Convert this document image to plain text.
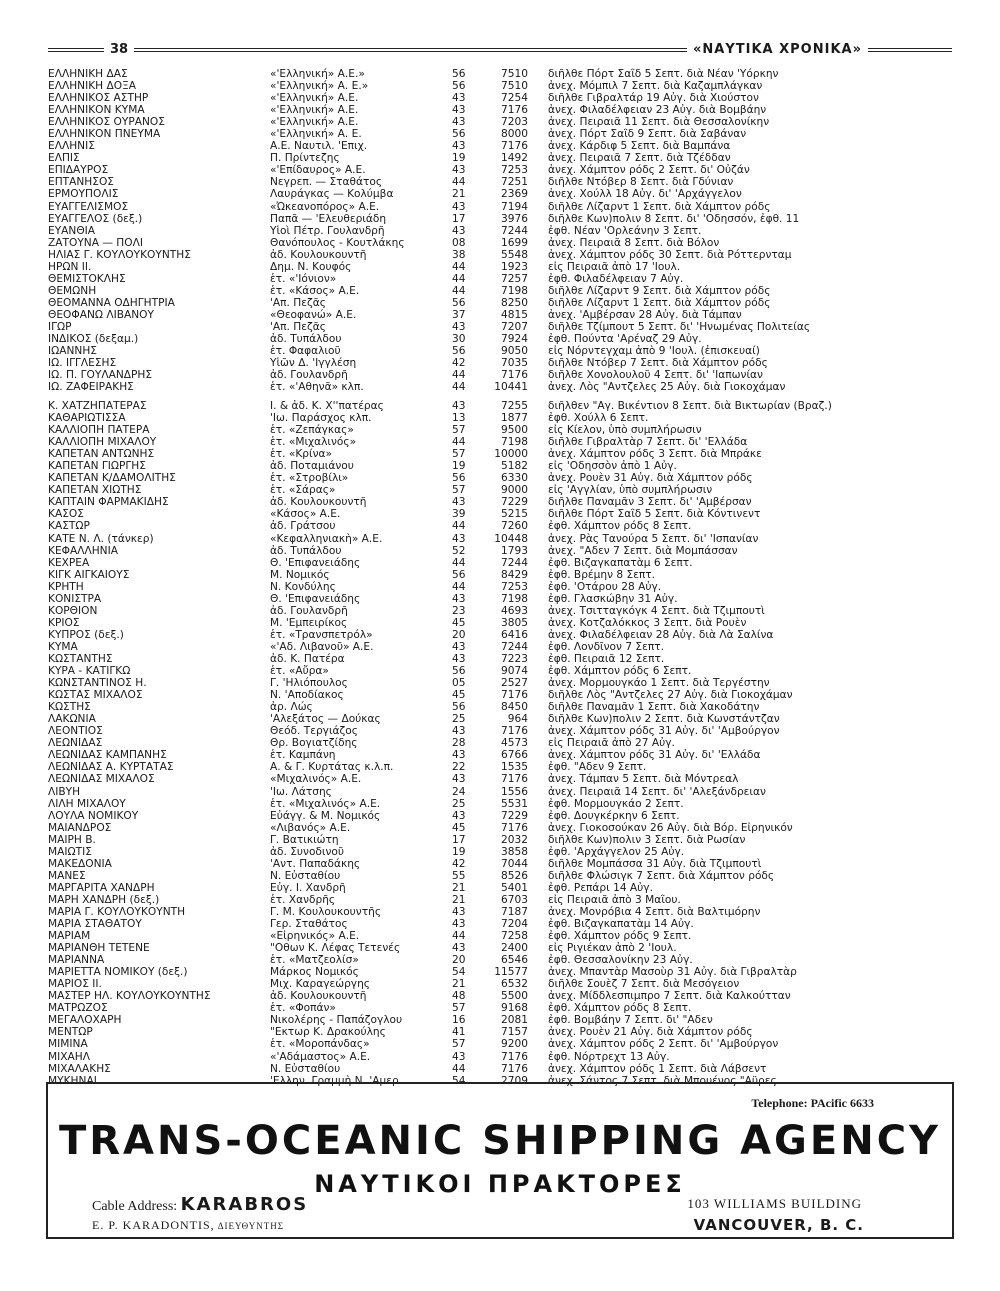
38	«ΝΑΥΤΙΚΑ ΧΡΟΝΙΚΑ»
ΕΛΛΗΝΙΚΗ ΔΑΣ	«'Ελληνική» Α.Ε.»	56	7510	διῆλθε Πόρτ Σαΐδ 5 Σεπτ. διὰ Νέαν 'Υόρκην
ΕΛΛΗΝΙΚΗ ΔΟΞΑ	«'Ελληνική» Α. Ε.»	56	7510	ἀνεχ. Μόμπιλ 7 Σεπτ. διὰ Καζαμπλάγκαν
ΕΛΛΗΝΙΚΟΣ ΑΣΤΗΡ	«'Ελληνική» Α.Ε.	43	7254	διῆλθε Γιβραλτάρ 19 Αὐγ. διὰ Χιούστον
ΕΛΛΗΝΙΚΟΝ ΚΥΜΑ	«'Ελληνική» Α.Ε.	43	7176	ἀνεχ. Φιλαδέλφειαν 23 Αὐγ. διὰ Βομβάην
ΕΛΛΗΝΙΚΟΣ ΟΥΡΑΝΟΣ	«'Ελληνική» Α.Ε.	43	7203	ἀνεχ. Πειραιᾶ 11 Σεπτ. διὰ Θεσσαλονίκην
ΕΛΛΗΝΙΚΟΝ ΠΝΕΥΜΑ	«'Ελληνική» Α. Ε.	56	8000	ἀνεχ. Πόρτ Σαΐδ 9 Σεπτ. διὰ Σαβάναν
ΕΛΛΗΝΙΣ	Α.Ε. Ναυτιλ. 'Επιχ.	43	7176	ἀνεχ. Κάρδιφ 5 Σεπτ. διὰ Βαμπάνα
ΕΛΠΙΣ	Π. Πρίντεζης	19	1492	ἀνεχ. Πειραιᾶ 7 Σεπτ. διὰ Τζέδδαν
ΕΠΙΔΑΥΡΟΣ	«'Επίδαυρος» Α.Ε.	43	7253	ἀνεχ. Χάμπτον ρόδς 2 Σεπτ. δι' Οὐζάν
ΕΠΤΑΝΗΣΟΣ	Νεγρεπ. — Σταθάτος	44	7251	διῆλθε Ντόβερ 8 Σεπτ. διὰ Γδύνιαν
ΕΡΜΟΥΠΟΛΙΣ	Λαυράγκας — Κολύμβα	21	2369	ἀνεχ. Χούλλ 18 Αὐγ. δι' 'Αρχάγγελον
ΕΥΑΓΓΕΛΙΣΜΟΣ	«Ὠκεανοπόρος» Α.Ε.	43	7194	διῆλθε Λίζαρντ 1 Σεπτ. διὰ Χάμπτον ρόδς
ΕΥΑΓΓΕΛΟΣ (δεξ.)	Παπᾶ — 'Ελευθεριάδη	17	3976	διῆλθε Κων)πολιν 8 Σεπτ. δι' 'Οδησσόν, ἐφθ. 11
ΕΥΑΝΘΙΑ	Υἱοὶ Πέτρ. Γουλανδρῆ	43	7244	ἐφθ. Νέαν 'Ορλεάνην 3 Σεπτ.
ΖΑΤΟΥΝΑ — ΠΟΛΙ	Θανόπουλος - Κουτλάκης	08	1699	ἀνεχ. Πειραιᾶ 8 Σεπτ. διὰ Βόλον
ΗΛΙΑΣ Γ. ΚΟΥΛΟΥΚΟΥΝΤΗΣ	ἀδ. Κουλουκουντῆ	38	5548	ἀνεχ. Χάμπτον ρόδς 30 Σεπτ. διὰ Ρόττερνταμ
ΗΡΩΝ ΙΙ.	Δημ. Ν. Κουφός	44	1923	εἰς Πειραιᾶ ἀπὸ 17 'Ιουλ.
ΘΕΜΙΣΤΟΚΛΗΣ	ἑτ. «'Ιόνιον»	44	7257	ἐφθ. Φιλαδέλφειαν 7 Αὐγ.
ΘΕΜΩΝΗ	ἑτ. «Κάσος» Α.Ε.	44	7198	διῆλθε Λίζαρντ 9 Σεπτ. διὰ Χάμπτον ρόδς
ΘΕΟΜΑΝΝΑ ΟΔΗΓΗΤΡΙΑ	'Απ. Πεζᾶς	56	8250	διῆλθε Λίζαρντ 1 Σεπτ. διὰ Χάμπτον ρόδς
ΘΕΟΦΑΝΩ ΛΙΒΑΝΟΥ	«Θεοφανώ» Α.Ε.	37	4815	ἀνεχ. 'Αμβέρσαν 28 Αὐγ. διὰ Τάμπαν
ΙΓΩΡ	'Απ. Πεζᾶς	43	7207	διῆλθε Τζίμπουτ 5 Σεπτ. δι' 'Ηνωμένας Πολιτείας
ΙΝΔΙΚΟΣ (δεξαμ.)	ἀδ. Τυπάλδου	30	7924	ἐφθ. Πούντα 'Αρέναζ 29 Αὐγ.
ΙΩΑΝΝΗΣ	ἑτ. Φαφαλιοῦ	56	9050	εἰς Νόρντεγχαμ ἀπὸ 9 'Ιουλ. (ἐπισκευαί)
ΙΩ. ΙΓΓΛΕΣΗΣ	Υἱῶν Δ. 'Ιγγλέση	42	7035	διῆλθε Ντόβερ 7 Σεπτ. διὰ Χάμπτον ρόδς
ΙΩ. Π. ΓΟΥΛΑΝΔΡΗΣ	ἀδ. Γουλανδρῆ	44	7176	διῆλθε Χονολουλοῦ 4 Σεπτ. δι' 'Ιαπωνίαν
ΙΩ. ΖΑΦΕΙΡΑΚΗΣ	ἑτ. «'Αθηνᾶ» κλπ.	44	10441	ἀνεχ. Λὸς "Αντζελες 25 Αὐγ. διὰ Γιοκοχάμαν
Κ. ΧΑΤΖΗΠΑΤΕΡΑΣ	Ι. & ἀδ. Κ. Χ''πατέρας	43	7255	διῆλθεν "Αγ. Βικέντιον 8 Σεπτ. διὰ Βικτωρίαν (Βραζ.)
ΚΑΘΑΡΙΩΤΙΣΣΑ	'Ιω. Παράσχος κλπ.	13	1877	ἐφθ. Χούλλ 6 Σεπτ.
ΚΑΛΛΙΟΠΗ ΠΑΤΕΡΑ	ἑτ. «Ζεπάγκας»	57	9500	εἰς Κίελον, ὑπὸ συμπλήρωσιν
ΚΑΛΛΙΟΠΗ ΜΙΧΑΛΟΥ	ἑτ. «Μιχαλινός»	44	7198	διῆλθε Γιβραλτὰρ 7 Σεπτ. δι' 'Ελλάδα
ΚΑΠΕΤΑΝ ΑΝΤΩΝΗΣ	ἑτ. «Κρίνα»	57	10000	ἀνεχ. Χάμπτον ρόδς 3 Σεπτ. διὰ Μπράκε
ΚΑΠΕΤΑΝ ΓΙΩΡΓΗΣ	ἀδ. Ποταμιάνου	19	5182	εἰς 'Οδησσὸν ἀπὸ 1 Αὐγ.
ΚΑΠΕΤΑΝ Κ/ΔΑΜΟΛΙΤΗΣ	ἑτ. «Στροβίλι»	56	6330	ἀνεχ. Ρουὲν 31 Αὐγ. διὰ Χάμπτον ρόδς
ΚΑΠΕΤΑΝ ΧΙΩΤΗΣ	ἑτ. «Σάρας»	57	9000	εἰς 'Αγγλίαν, ὑπὸ συμπλήρωσιν
ΚΑΠΤΑΙΝ ΦΑΡΜΑΚΙΔΗΣ	ἀδ. Κουλουκουντῆ	43	7229	διῆλθε Παναμᾶν 3 Σεπτ. δι' 'Αμβέρσαν
ΚΑΣΟΣ	«Κάσος» Α.Ε.	39	5215	διῆλθε Πόρτ Σαΐδ 5 Σεπτ. διὰ Κόντινεντ
ΚΑΣΤΩΡ	ἀδ. Γράτσου	44	7260	ἐφθ. Χάμπτον ρόδς 8 Σεπτ.
ΚΑΤΕ Ν. Λ. (τάνκερ)	«Κεφαλληνιακὴ» Α.Ε.	43	10448	ἀνεχ. Ρὰς Τανούρα 5 Σεπτ. δι' 'Ισπανίαν
ΚΕΦΑΛΛΗΝΙΑ	ἀδ. Τυπάλδου	52	1793	ἀνεχ. "Αδεν 7 Σεπτ. διὰ Μομπάσσαν
ΚΕΧΡΕΑ	Θ. 'Επιφανειάδης	44	7244	ἐφθ. Βιζαγκαπατὰμ 6 Σεπτ.
ΚΙΓΚ ΑΙΓΚΑΙΟΥΣ	Μ. Νομικός	56	8429	ἐφθ. Βρέμην 8 Σεπτ.
ΚΡΗΤΗ	Ν. Κονδύλης	44	7253	ἐφθ. 'Οτάρου 28 Αὐγ.
ΚΟΝΙΣΤΡΑ	Θ. 'Επιφανειάδης	43	7198	ἐφθ. Γλασκώβην 31 Αὐγ.
ΚΟΡΘΙΟΝ	ἀδ. Γουλανδρῆ	23	4693	ἀνεχ. Τσιτταγκόγκ 4 Σεπτ. διὰ Τζιμπουτὶ
ΚΡΙΟΣ	Μ. 'Εμπειρίκος	45	3805	ἀνεχ. Κοτζαλόκκος 3 Σεπτ. διὰ Ρουὲν
ΚΥΠΡΟΣ (δεξ.)	ἑτ. «Τρανσπετρόλ»	20	6416	ἀνεχ. Φιλαδέλφειαν 28 Αὐγ. διὰ Λὰ Σαλίνα
ΚΥΜΑ	«'Αδ. Λιβανοῦ» Α.Ε.	43	7244	ἐφθ. Λονδῖνον 7 Σεπτ.
ΚΩΣΤΑΝΤΗΣ	ἀδ. Κ. Πατέρα	43	7223	ἐφθ. Πειραιᾶ 12 Σεπτ.
ΚΥΡΑ - ΚΑΤΙΓΚΩ	ἑτ. «Αὔρα»	56	9074	ἐφθ. Χάμπτον ρόδς 6 Σεπτ.
ΚΩΝΣΤΑΝΤΙΝΟΣ Η.	Γ. 'Ηλιόπουλος	05	2527	ἀνεχ. Μορμουγκάο 1 Σεπτ. διὰ Τεργέστην
ΚΩΣΤΑΣ ΜΙΧΑΛΟΣ	Ν. 'Αποδίακος	45	7176	διῆλθε Λὸς "Αντζελες 27 Αὐγ. διὰ Γιοκοχάμαν
ΚΩΣΤΗΣ	ἀρ. Λώς	56	8450	διῆλθε Παναμᾶν 1 Σεπτ. διὰ Χακοδάτην
ΛΑΚΩΝΙΑ	'Αλεξάτος — Δούκας	25	964	διῆλθε Κων)πολιν 2 Σεπτ. διὰ Κωνστάντζαν
ΛΕΟΝΤΙΟΣ	Θεόδ. Τεργιάζος	43	7176	ἀνεχ. Χάμπτον ρόδς 31 Αὐγ. δι' 'Αμβούργον
ΛΕΩΝΙΔΑΣ	Θρ. Βογιατζίδης	28	4573	εἰς Πειραιᾶ ἀπὸ 27 Αὐγ.
ΛΕΩΝΙΔΑΣ ΚΑΜΠΑΝΗΣ	ἑτ. Καμπάνη	43	6766	ἀνεχ. Χάμπτον ρόδς 31 Αὐγ. δι' 'Ελλάδα
ΛΕΩΝΙΔΑΣ Α. ΚΥΡΤΑΤΑΣ	Α. & Γ. Κυρτάτας κ.λ.π.	22	1535	ἐφθ. "Αδεν 9 Σεπτ.
ΛΕΩΝΙΔΑΣ ΜΙΧΑΛΟΣ	«Μιχαλινός» Α.Ε.	43	7176	ἀνεχ. Τάμπαν 5 Σεπτ. διὰ Μόντρεαλ
ΛΙΒΥΗ	'Ιω. Λάτσης	24	1556	ἀνεχ. Πειραιᾶ 14 Σεπτ. δι' 'Αλεξάνδρειαν
ΛΙΛΗ ΜΙΧΑΛΟΥ	ἑτ. «Μιχαλινός» Α.Ε.	25	5531	ἐφθ. Μορμουγκάο 2 Σεπτ.
ΛΟΥΛΑ ΝΟΜΙΚΟΥ	Εὐάγγ. & Μ. Νομικός	43	7229	ἐφθ. Δουγκέρκην 6 Σεπτ.
ΜΑΙΑΝΔΡΟΣ	«Λιβανός» Α.Ε.	45	7176	ἀνεχ. Γιοκοσούκαν 26 Αὐγ. διὰ Βόρ. Εἰρηνικόν
ΜΑΙΡΗ Β.	Γ. Βατικιώτη	17	2032	διῆλθε Κων)πολιν 3 Σεπτ. διὰ Ρωσίαν
ΜΑΙΩΤΙΣ	ἀδ. Συνοδινοῦ	19	3858	ἐφθ. 'Αρχάγγελον 25 Αὐγ.
ΜΑΚΕΔΟΝΙΑ	'Αντ. Παπαδάκης	42	7044	διῆλθε Μομπάσσα 31 Αὐγ. διὰ Τζιμπουτὶ
ΜΑΝΕΣ	Ν. Εὐσταθίου	55	8526	διῆλθε Φλώσιγκ 7 Σεπτ. διὰ Χάμπτον ρόδς
ΜΑΡΓΑΡΙΤΑ ΧΑΝΔΡΗ	Εὐγ. Ι. Χανδρῆ	21	5401	ἐφθ. Ρεπάρι 14 Αὐγ.
ΜΑΡΗ ΧΑΝΔΡΗ (δεξ.)	ἑτ. Χανδρῆς	21	6703	εἰς Πειραιᾶ ἀπὸ 3 Μαΐου.
ΜΑΡΙΑ Γ. ΚΟΥΛΟΥΚΟΥΝΤΗ	Γ. Μ. Κουλουκουντῆς	43	7187	ἀνεχ. Μονρόβια 4 Σεπτ. διὰ Βαλτιμόρην
ΜΑΡΙΑ ΣΤΑΘΑΤΟΥ	Γερ. Σταθάτος	43	7204	ἐφθ. Βιζαγκαπατὰμ 14 Αὐγ.
ΜΑΡΙΑΜ	«Εἰρηνικός» Α.Ε.	44	7258	ἐφθ. Χάμπτον ρόδς 9 Σεπτ.
ΜΑΡΙΑΝΘΗ ΤΕΤΕΝΕ	"Οθων Κ. Λέφας Τετενές	43	2400	εἰς Ριγιέκαν ἀπὸ 2 'Ιουλ.
ΜΑΡΙΑΝΝΑ	ἑτ. «Ματζεολίσ»	20	6546	ἐφθ. Θεσσαλονίκην 23 Αὐγ.
ΜΑΡΙΕΤΤΑ ΝΟΜΙΚΟΥ (δεξ.)	Μάρκος Νομικός	54	11577	ἀνεχ. Μπαντὰρ Μασοὺρ 31 Αὐγ. διὰ Γιβραλτὰρ
ΜΑΡΙΟΣ ΙΙ.	Μιχ. Καραγεώργης	21	6532	διῆλθε Σουὲζ 7 Σεπτ. διὰ Μεσόγειον
ΜΑΣΤΕΡ ΗΛ. ΚΟΥΛΟΥΚΟΥΝΤΗΣ	ἀδ. Κουλουκουντῆ	48	5500	ἀνεχ. Μίδδλεσπιμπρο 7 Σεπτ. διὰ Καλκούτταν
ΜΑΤΡΩΖΟΣ	ἑτ. «Φοπάν»	57	9168	ἐφθ. Χάμπτον ρόδς 8 Σεπτ.
ΜΕΓΑΛΟΧΑΡΗ	Νικολέρης - Παπάζογλου	16	2081	ἐφθ. Βομβάην 7 Σεπτ. δι' "Αδεν
ΜΕΝΤΩΡ	"Εκτωρ Κ. Δρακούλης	41	7157	ἀνεχ. Ρουὲν 21 Αὐγ. διὰ Χάμπτον ρόδς
ΜΙΜΙΝΑ	ἑτ. «Μοροπάνδας»	57	9200	ἀνεχ. Χάμπτον ρόδς 2 Σεπτ. δι' 'Αμβούργον
ΜΙΧΑΗΛ	«'Αδάμαστος» Α.Ε.	43	7176	ἐφθ. Νόρτρεχτ 13 Αὐγ.
ΜΙΧΑΛΑΚΗΣ	Ν. Εὐσταθίου	44	7176	ἀνεχ. Χάμπτον ρόδς 1 Σεπτ. διὰ Λάβσεντ
ΜΥΚΗΝΑΙ	'Ελλην. Γραμμὴ Ν. 'Αμερ.	54	2709	ἀνεχ. Σάντος 7 Σεπτ. διὰ Μπουένος "Αϋρες
Telephone: PAcific 6633
TRANS-OCEANIC SHIPPING AGENCY
ΝΑΥΤΙΚΟΙ ΠΡΑΚΤΟΡΕΣ
Cable Address: KARABROS
E. P. KARADONTIS, ΔΙΕΥΘΥΝΤΗΣ
103 WILLIAMS BUILDING
VANCOUVER, B. C.
